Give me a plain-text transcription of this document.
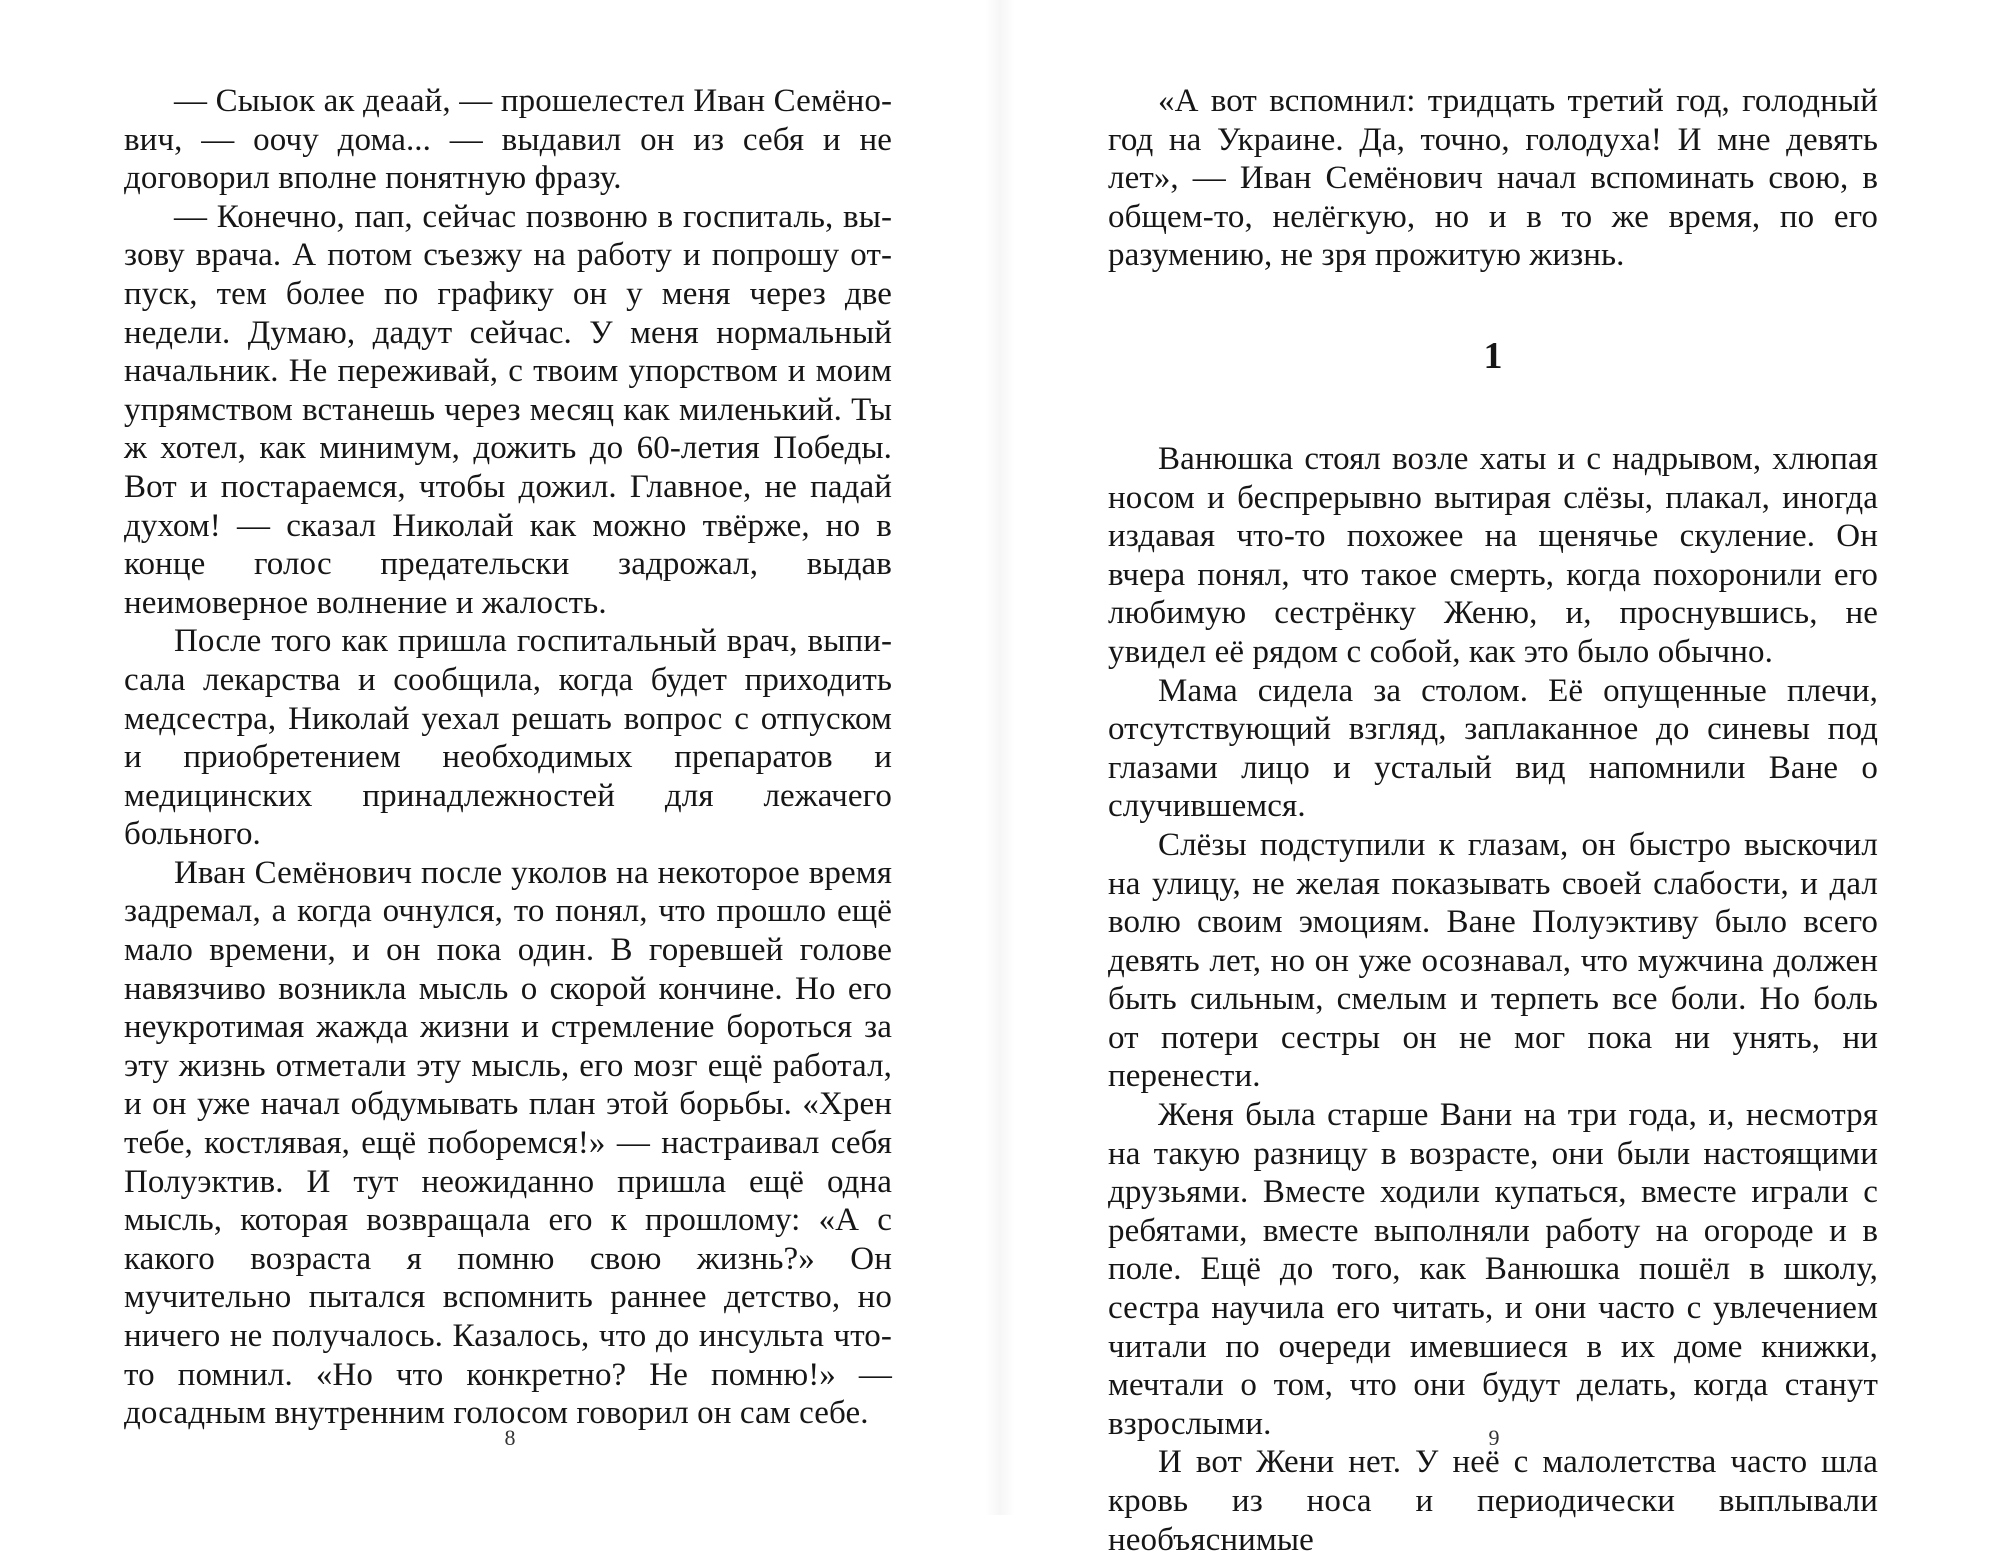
— Сыыок ак деаай, — прошелестел Иван Семёнович, — оочу дома... — выдавил он из себя и не договорил вполне понятную фразу.

— Конечно, пап, сейчас позвоню в госпиталь, вызову врача. А потом съезжу на работу и попрошу отпуск, тем более по графику он у меня через две недели. Думаю, дадут сейчас. У меня нормальный начальник. Не переживай, с твоим упорством и моим упрямством встанешь через месяц как миленький. Ты ж хотел, как минимум, дожить до 60-летия Победы. Вот и постараемся, чтобы дожил. Главное, не падай духом! — сказал Николай как можно твёрже, но в конце голос предательски задрожал, выдав неимоверное волнение и жалость.

После того как пришла госпитальный врач, выписала лекарства и сообщила, когда будет приходить медсестра, Николай уехал решать вопрос с отпуском и приобретением необходимых препаратов и медицинских принадлежностей для лежачего больного.

Иван Семёнович после уколов на некоторое время задремал, а когда очнулся, то понял, что прошло ещё мало времени, и он пока один. В горевшей голове навязчиво возникла мысль о скорой кончине. Но его неукротимая жажда жизни и стремление бороться за эту жизнь отметали эту мысль, его мозг ещё работал, и он уже начал обдумывать план этой борьбы. «Хрен тебе, костлявая, ещё поборемся!» — настраивал себя Полуэктив. И тут неожиданно пришла ещё одна мысль, которая возвращала его к прошлому: «А с какого возраста я помню свою жизнь?» Он мучительно пытался вспомнить раннее детство, но ничего не получалось. Казалось, что до инсульта что-то помнил. «Но что конкретно? Не помню!» — досадным внутренним голосом говорил он сам себе.

«А вот вспомнил: тридцать третий год, голодный год на Украине. Да, точно, голодуха! И мне девять лет», — Иван Семёнович начал вспоминать свою, в общем-то, нелёгкую, но и в то же время, по его разумению, не зря прожитую жизнь.

1

Ванюшка стоял возле хаты и с надрывом, хлюпая носом и беспрерывно вытирая слёзы, плакал, иногда издавая что-то похожее на щенячье скуление. Он вчера понял, что такое смерть, когда похоронили его любимую сестрёнку Женю, и, проснувшись, не увидел её рядом с собой, как это было обычно.

Мама сидела за столом. Её опущенные плечи, отсутствующий взгляд, заплаканное до синевы под глазами лицо и усталый вид напомнили Ване о случившемся.

Слёзы подступили к глазам, он быстро выскочил на улицу, не желая показывать своей слабости, и дал волю своим эмоциям. Ване Полуэктиву было всего девять лет, но он уже осознавал, что мужчина должен быть сильным, смелым и терпеть все боли. Но боль от потери сестры он не мог пока ни унять, ни перенести.

Женя была старше Вани на три года, и, несмотря на такую разницу в возрасте, они были настоящими друзьями. Вместе ходили купаться, вместе играли с ребятами, вместе выполняли работу на огороде и в поле. Ещё до того, как Ванюшка пошёл в школу, сестра научила его читать, и они часто с увлечением читали по очереди имевшиеся в их доме книжки, мечтали о том, что они будут делать, когда станут взрослыми.

И вот Жени нет. У неё с малолетства часто шла кровь из носа и периодически выплывали необъяснимые

8	9
